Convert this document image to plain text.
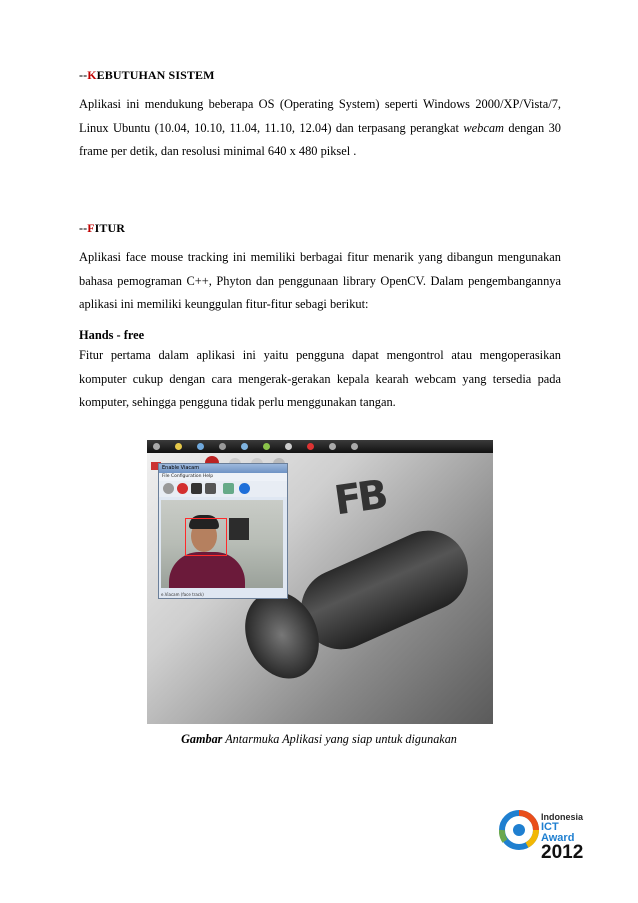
--KEBUTUHAN SISTEM
Aplikasi ini mendukung beberapa OS (Operating System) seperti Windows 2000/XP/Vista/7, Linux Ubuntu (10.04, 10.10, 11.04, 11.10, 12.04) dan terpasang perangkat webcam dengan 30 frame per detik, dan resolusi minimal 640 x 480 piksel .
--FITUR
Aplikasi face mouse tracking ini memiliki berbagai fitur menarik yang dibangun mengunakan bahasa pemograman C++, Phyton dan penggunaan library OpenCV. Dalam pengembangannya aplikasi ini memiliki keunggulan fitur-fitur sebagi berikut:
Hands - free
Fitur pertama dalam aplikasi ini yaitu pengguna dapat mengontrol atau mengoperasikan komputer cukup dengan cara mengerak-gerakan kepala kearah webcam yang tersedia pada komputer, sehingga pengguna tidak perlu menggunakan tangan.

FB
Enable Viacam
File Configuration Help
e.Viacam (face track)
Gambar Antarmuka Aplikasi yang siap untuk digunakan
Indonesia
ICT Award
2012
